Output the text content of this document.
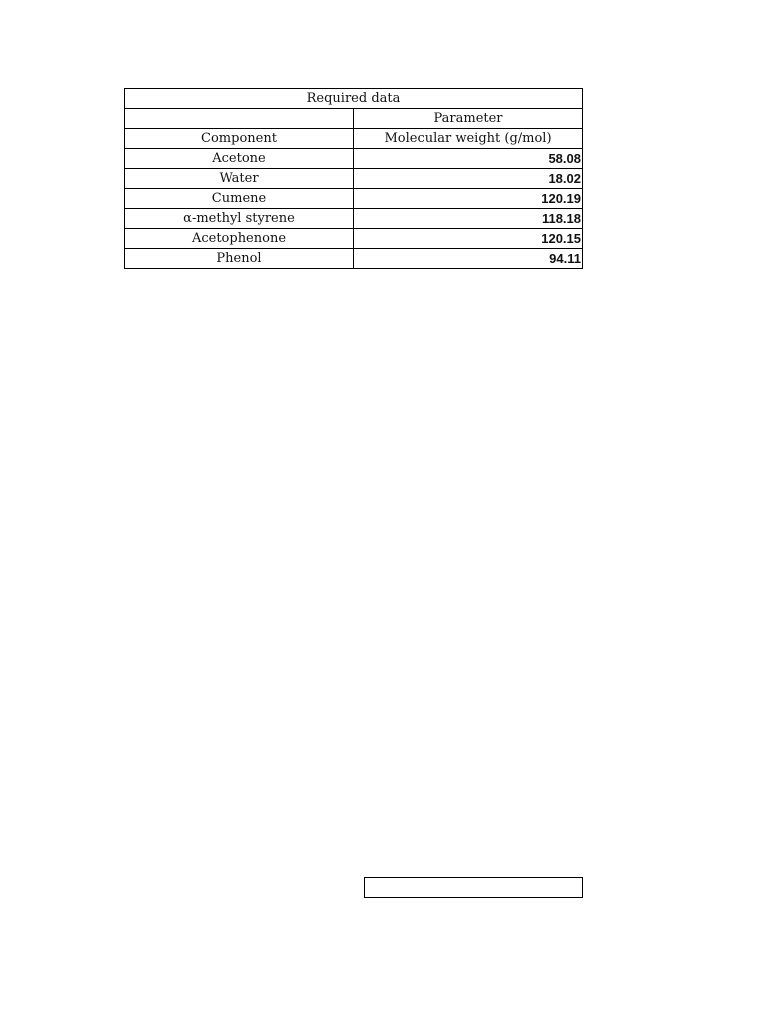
Required data	
	Parameter
Component	Molecular weight (g/mol)
Acetone	58.08
Water	18.02
Cumene	120.19
α-methyl styrene	118.18
Acetophenone	120.15
Phenol	94.11
